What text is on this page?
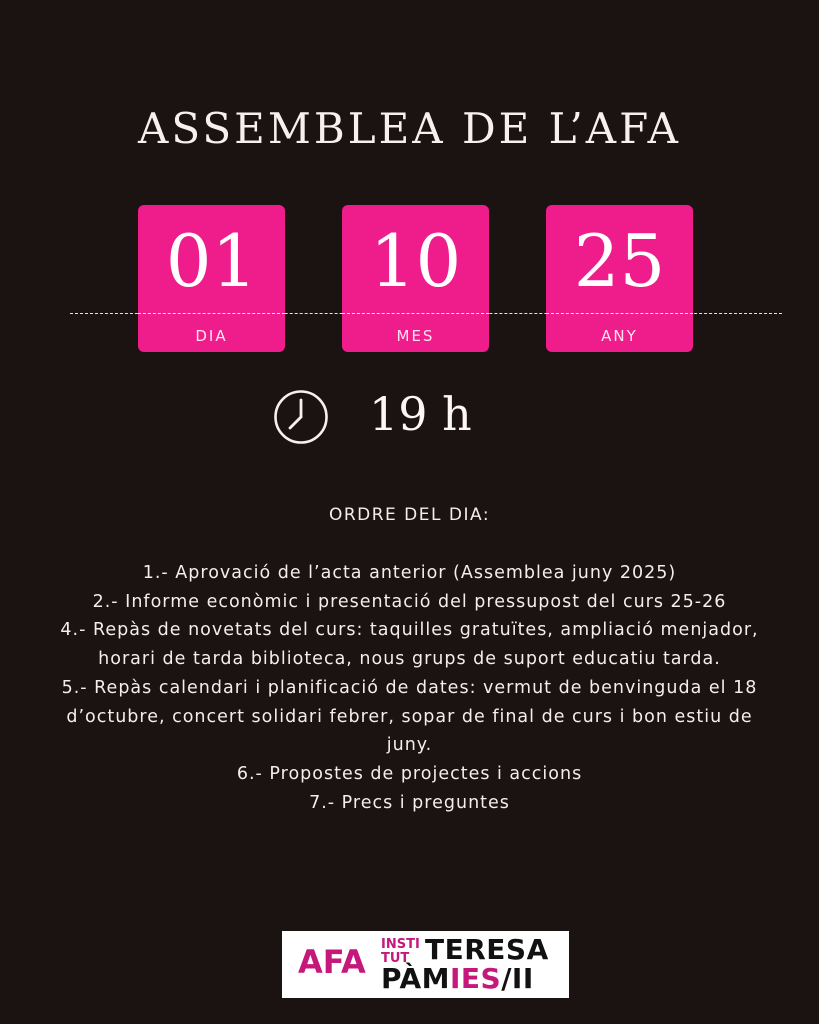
ASSEMBLEA DE L’AFA
01
DIA
10
MES
25
ANY
19 h
ORDRE DEL DIA:
1.- Aprovació de l’acta anterior (Assemblea juny 2025)
2.- Informe econòmic i presentació del pressupost del curs 25-26
4.- Repàs de novetats del curs: taquilles gratuïtes, ampliació menjador, horari de tarda biblioteca, nous grups de suport educatiu tarda.
5.- Repàs calendari i planificació de dates: vermut de benvinguda el 18 d’octubre, concert solidari febrer, sopar de final de curs i bon estiu de juny.
6.- Propostes de projectes i accions
7.- Precs i preguntes
AFA INSTI
TUT TERESA
PÀMIES/II
